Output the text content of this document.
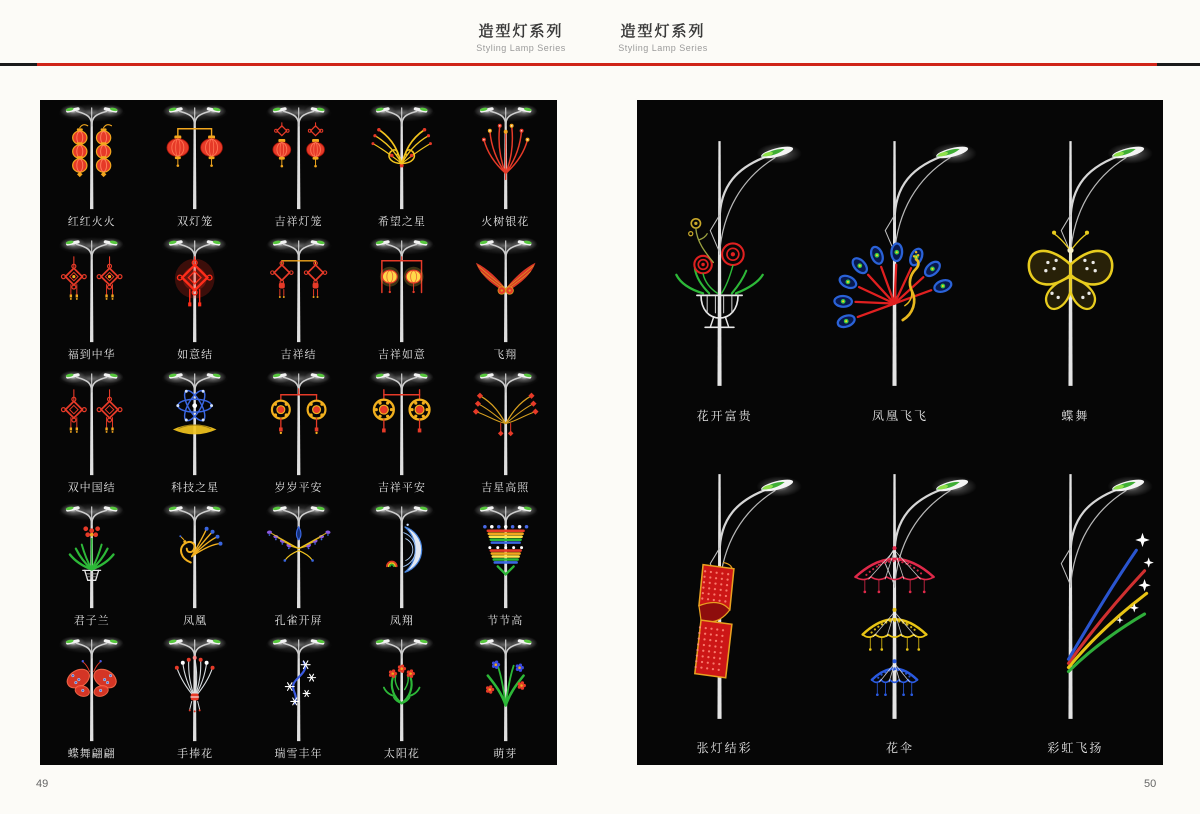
造型灯系列
Styling Lamp Series
造型灯系列
Styling Lamp Series
红红火火	双灯笼	吉祥灯笼	希望之星	火树银花
福到中华	如意结	吉祥结	吉祥如意	飞翔
双中国结	科技之星	岁岁平安	吉祥平安	吉星高照
君子兰	凤凰	孔雀开屏	凤翔	节节高
蝶舞翩翩	手捧花	瑞雪丰年	太阳花	萌芽
花开富贵	凤凰飞飞	蝶舞
张灯结彩	花伞	彩虹飞扬
49	50
